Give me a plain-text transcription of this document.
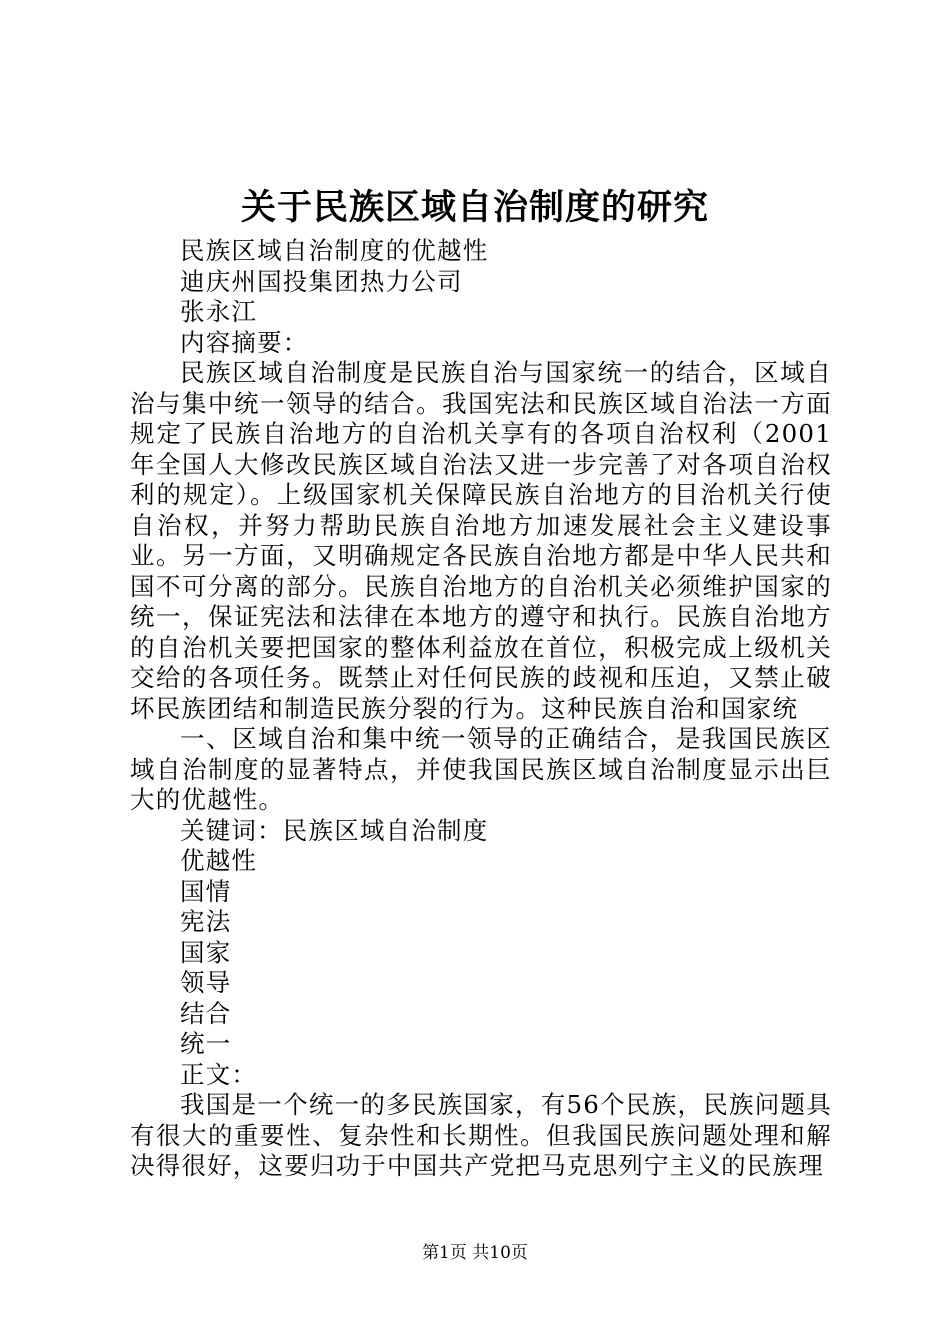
关于民族区域自治制度的研究

民族区域自治制度的优越性

迪庆州国投集团热力公司

张永江

内容摘要：

民族区域自治制度是民族自治与国家统一的结合，区域自治与集中统一领导的结合。我国宪法和民族区域自治法一方面规定了民族自治地方的自治机关享有的各项自治权利（2001年全国人大修改民族区域自治法又进一步完善了对各项自治权利的规定）。上级国家机关保障民族自治地方的目治机关行使自治权，并努力帮助民族自治地方加速发展社会主义建设事业。另一方面，又明确规定各民族自治地方都是中华人民共和国不可分离的部分。民族自治地方的自治机关必须维护国家的统一，保证宪法和法律在本地方的遵守和执行。民族自治地方的自治机关要把国家的整体利益放在首位，积极完成上级机关交给的各项任务。既禁止对任何民族的歧视和压迫，又禁止破坏民族团结和制造民族分裂的行为。这种民族自治和国家统

一、区域自治和集中统一领导的正确结合，是我国民族区域自治制度的显著特点，并使我国民族区域自治制度显示出巨大的优越性。

关键词：民族区域自治制度

优越性

国情

宪法

国家

领导

结合

统一

正文：

我国是一个统一的多民族国家，有56个民族，民族问题具有很大的重要性、复杂性和长期性。但我国民族问题处理和解决得很好，这要归功于中国共产党把马克思列宁主义的民族理

第1页 共10页
